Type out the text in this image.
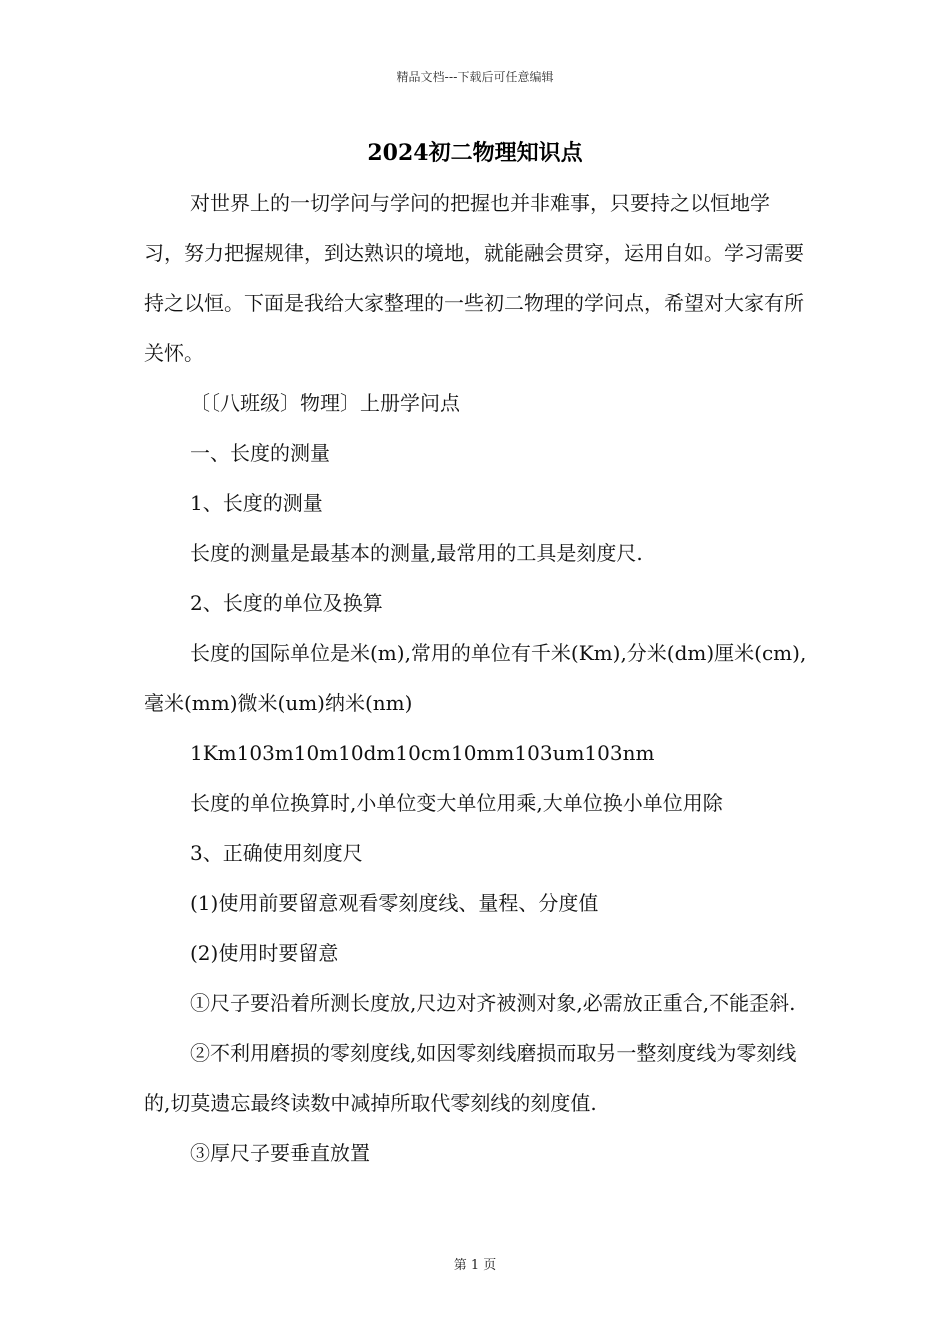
精品文档---下载后可任意编辑
2024初二物理知识点

对世界上的一切学问与学问的把握也并非难事，只要持之以恒地学习，努力把握规律，到达熟识的境地，就能融会贯穿，运用自如。学习需要持之以恒。下面是我给大家整理的一些初二物理的学问点，希望对大家有所关怀。

〔〔八班级〕物理〕上册学问点

一、长度的测量

1、长度的测量

长度的测量是最基本的测量,最常用的工具是刻度尺.

2、长度的单位及换算

长度的国际单位是米(m),常用的单位有千米(Km),分米(dm)厘米(cm),毫米(mm)微米(um)纳米(nm)

1Km103m10m10dm10cm10mm103um103nm

长度的单位换算时,小单位变大单位用乘,大单位换小单位用除

3、正确使用刻度尺

(1)使用前要留意观看零刻度线、量程、分度值

(2)使用时要留意

①尺子要沿着所测长度放,尺边对齐被测对象,必需放正重合,不能歪斜.

②不利用磨损的零刻度线,如因零刻线磨损而取另一整刻度线为零刻线的,切莫遗忘最终读数中减掉所取代零刻线的刻度值.

③厚尺子要垂直放置

第 1 页
